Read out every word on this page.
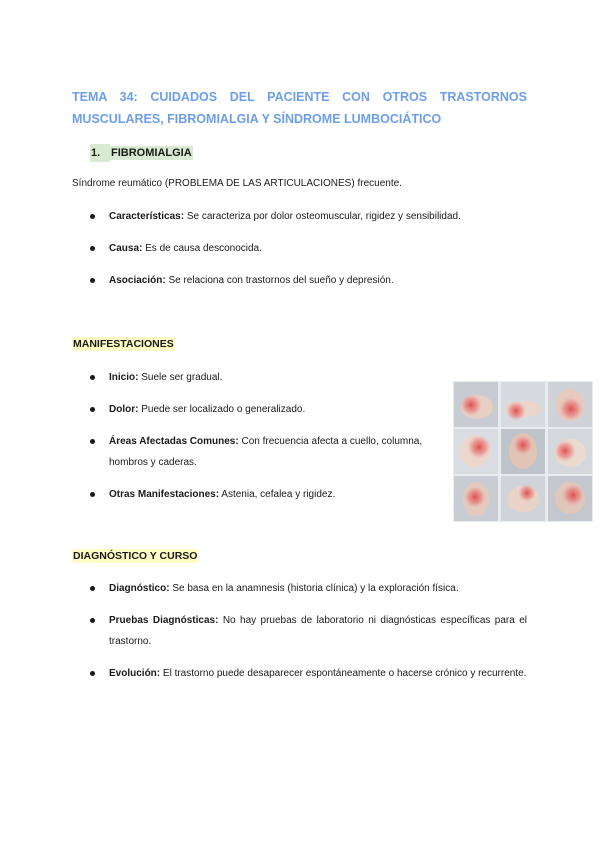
TEMA 34: CUIDADOS DEL PACIENTE CON OTROS TRASTORNOS
MUSCULARES, FIBROMIALGIA Y SÍNDROME LUMBOCIÁTICO
1. FIBROMIALGIA

Síndrome reumático (PROBLEMA DE LAS ARTICULACIONES) frecuente.

Características: Se caracteriza por dolor osteomuscular, rigidez y sensibilidad.
Causa: Es de causa desconocida.
Asociación: Se relaciona con trastornos del sueño y depresión.

MANIFESTACIONES

Inicio: Suele ser gradual.
Dolor: Puede ser localizado o generalizado.
Áreas Afectadas Comunes: Con frecuencia afecta a cuello, columna, hombros y caderas.
Otras Manifestaciones: Astenia, cefalea y rigidez.

DIAGNÓSTICO Y CURSO

Diagnóstico: Se basa en la anamnesis (historia clínica) y la exploración física.
Pruebas Diagnósticas: No hay pruebas de laboratorio ni diagnósticas específicas para el trastorno.
Evolución: El trastorno puede desaparecer espontáneamente o hacerse crónico y recurrente.
